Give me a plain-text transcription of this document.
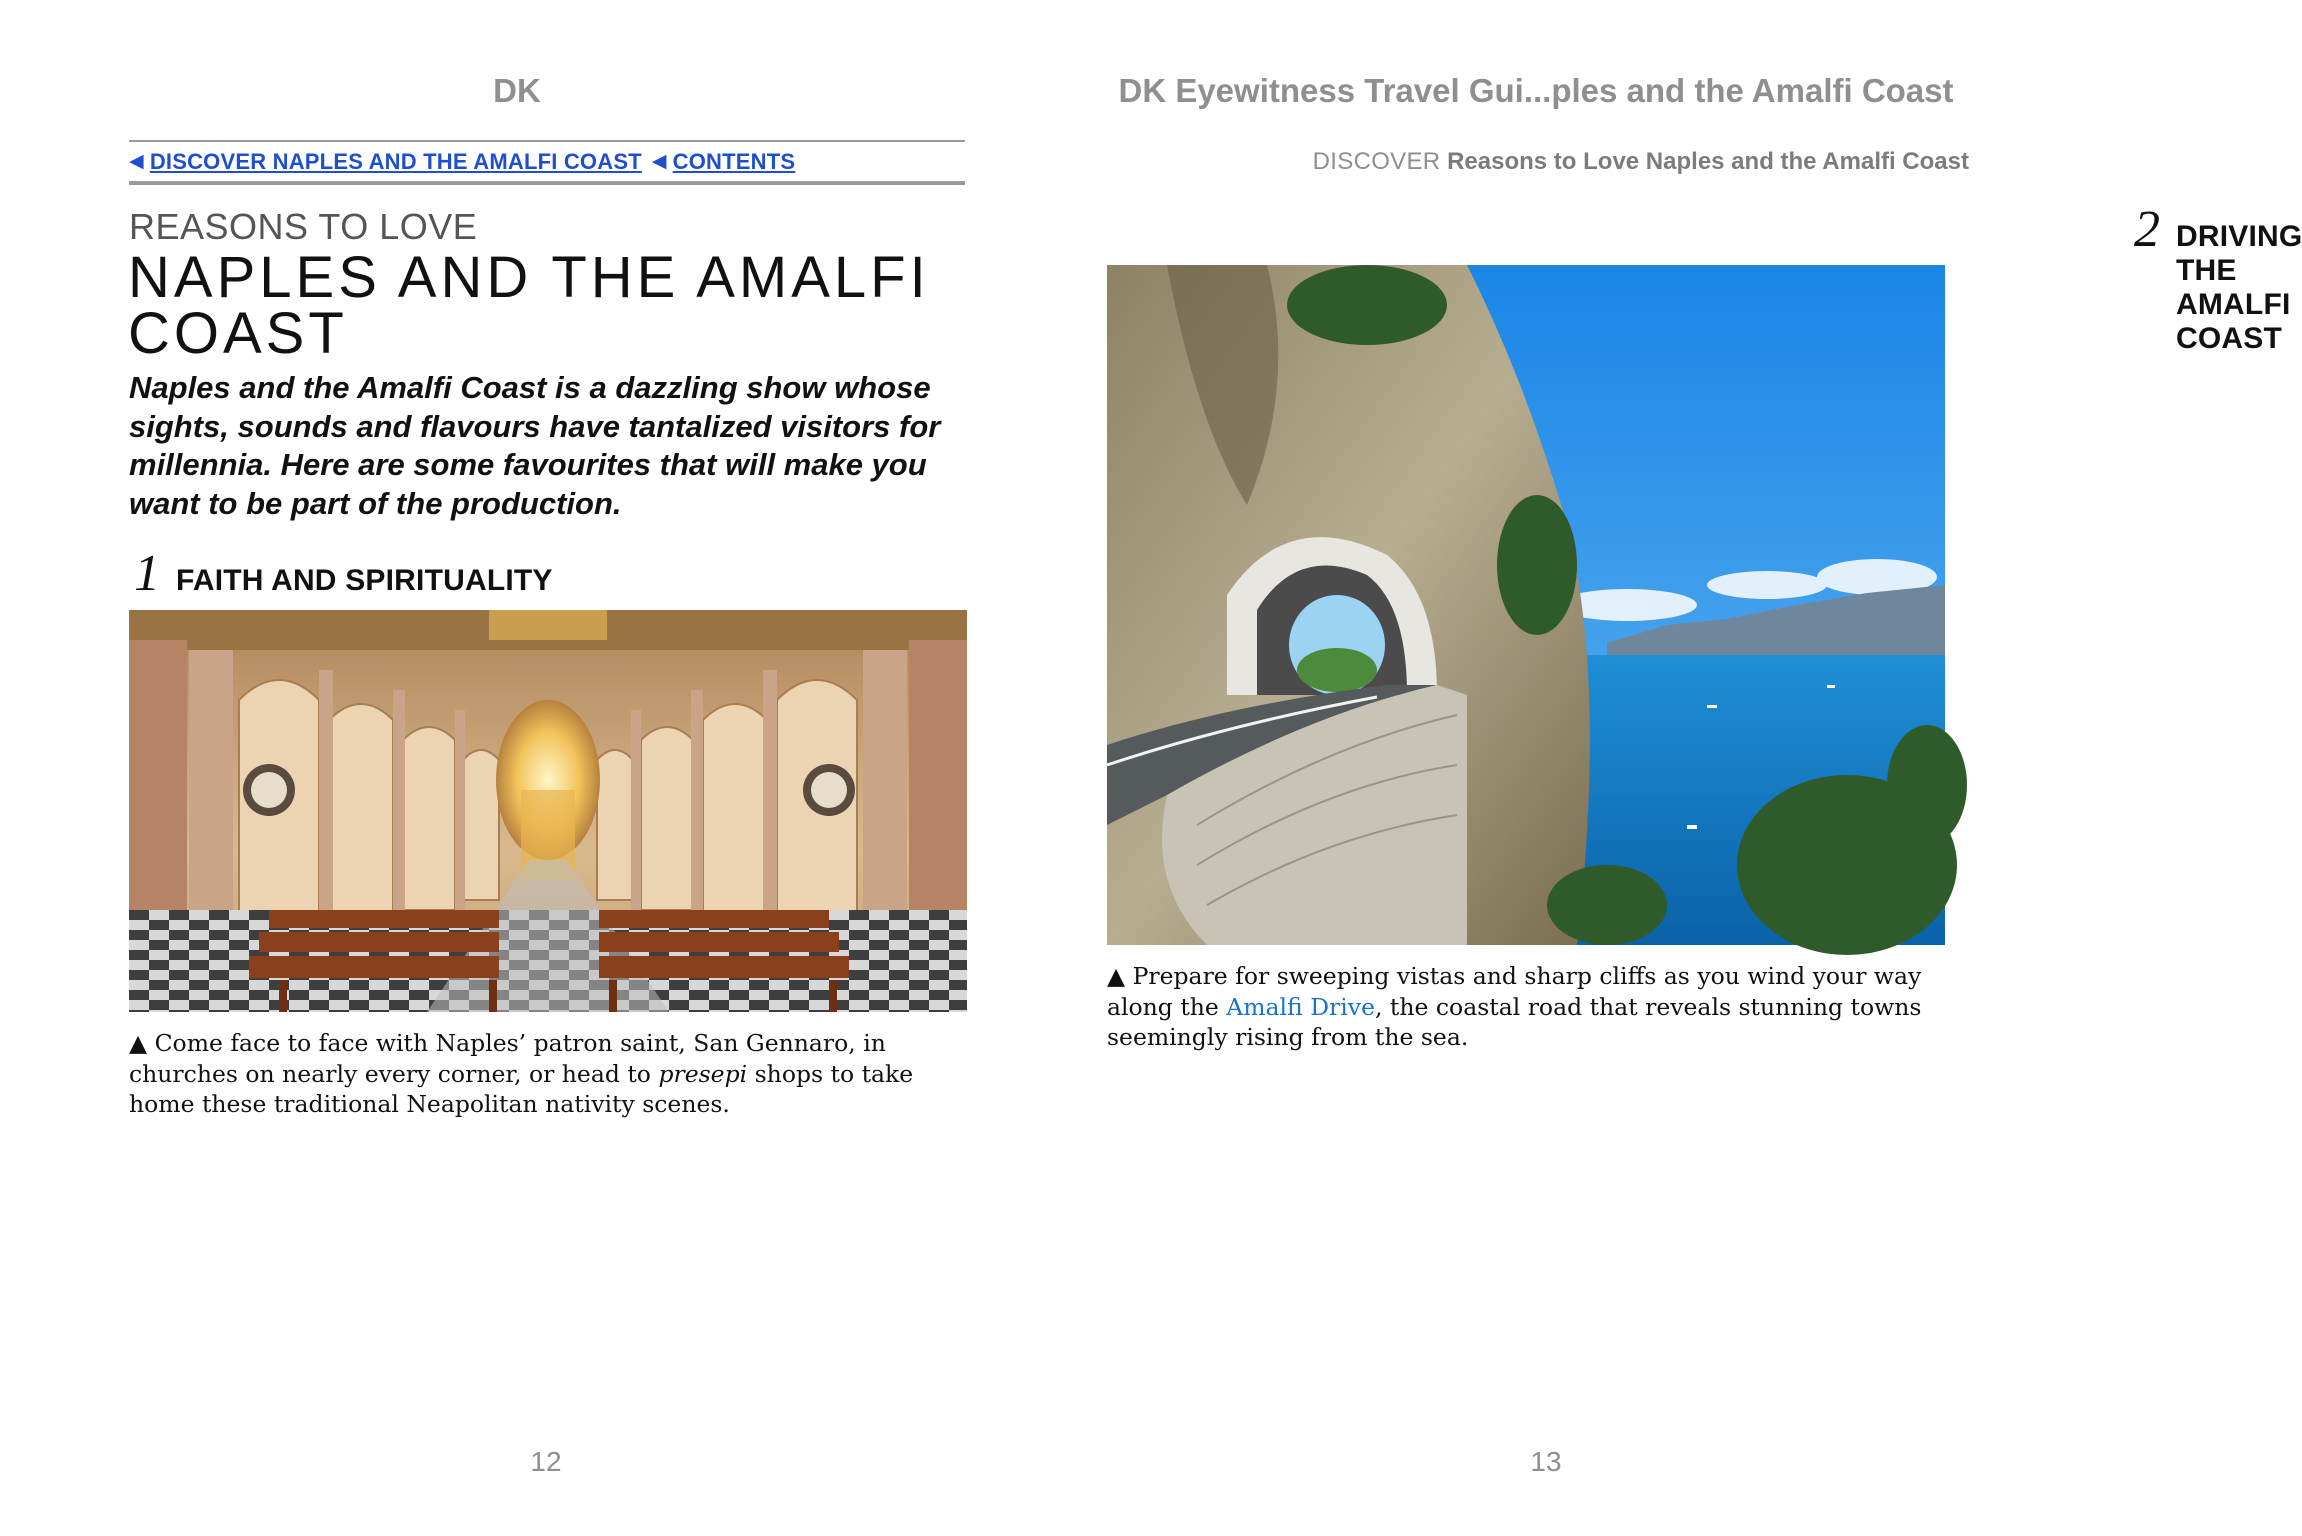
DK
◀ DISCOVER NAPLES AND THE AMALFI COAST ◀ CONTENTS
REASONS TO LOVE
NAPLES AND THE AMALFI COAST
Naples and the Amalfi Coast is a dazzling show whose sights, sounds and flavours have tantalized visitors for millennia. Here are some favourites that will make you want to be part of the production.
1 FAITH AND SPIRITUALITY
▲ Come face to face with Naples’ patron saint, San Gennaro, in churches on nearly every corner, or head to presepi shops to take home these traditional Neapolitan nativity scenes.
12
DK Eyewitness Travel Gui...ples and the Amalfi Coast
DISCOVER Reasons to Love Naples and the Amalfi Coast
2 DRIVING THE AMALFI COAST
▲ Prepare for sweeping vistas and sharp cliffs as you wind your way along the Amalfi Drive, the coastal road that reveals stunning towns seemingly rising from the sea.
13
